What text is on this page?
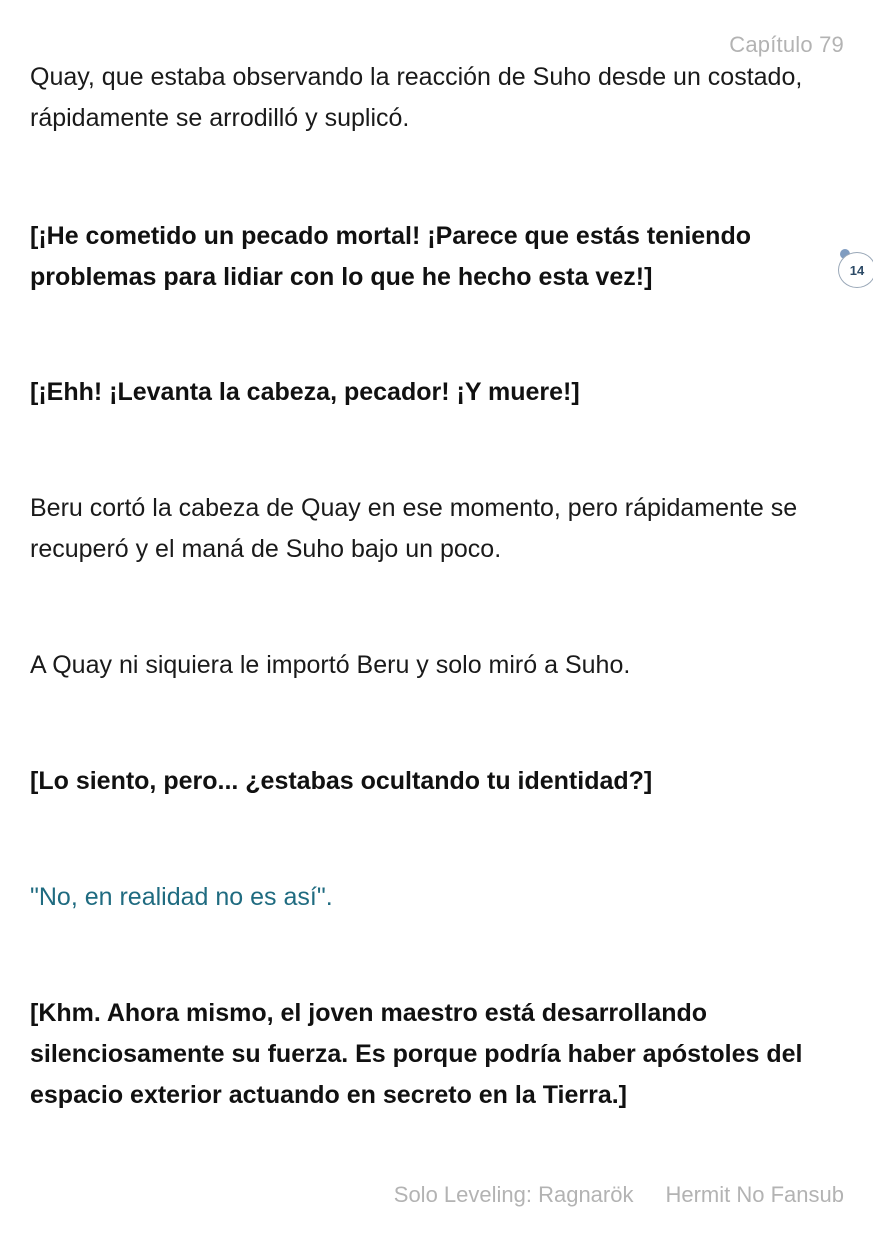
Capítulo 79
14

Quay, que estaba observando la reacción de Suho desde un costado, rápidamente se arrodilló y suplicó.

[¡He cometido un pecado mortal! ¡Parece que estás teniendo problemas para lidiar con lo que he hecho esta vez!]

[¡Ehh! ¡Levanta la cabeza, pecador! ¡Y muere!]

Beru cortó la cabeza de Quay en ese momento, pero rápidamente se recuperó y el maná de Suho bajo un poco.

A Quay ni siquiera le importó Beru y solo miró a Suho.

[Lo siento, pero... ¿estabas ocultando tu identidad?]

"No, en realidad no es así".

[Khm. Ahora mismo, el joven maestro está desarrollando silenciosamente su fuerza. Es porque podría haber apóstoles del espacio exterior actuando en secreto en la Tierra.]

Solo Leveling: Ragnarök Hermit No Fansub
